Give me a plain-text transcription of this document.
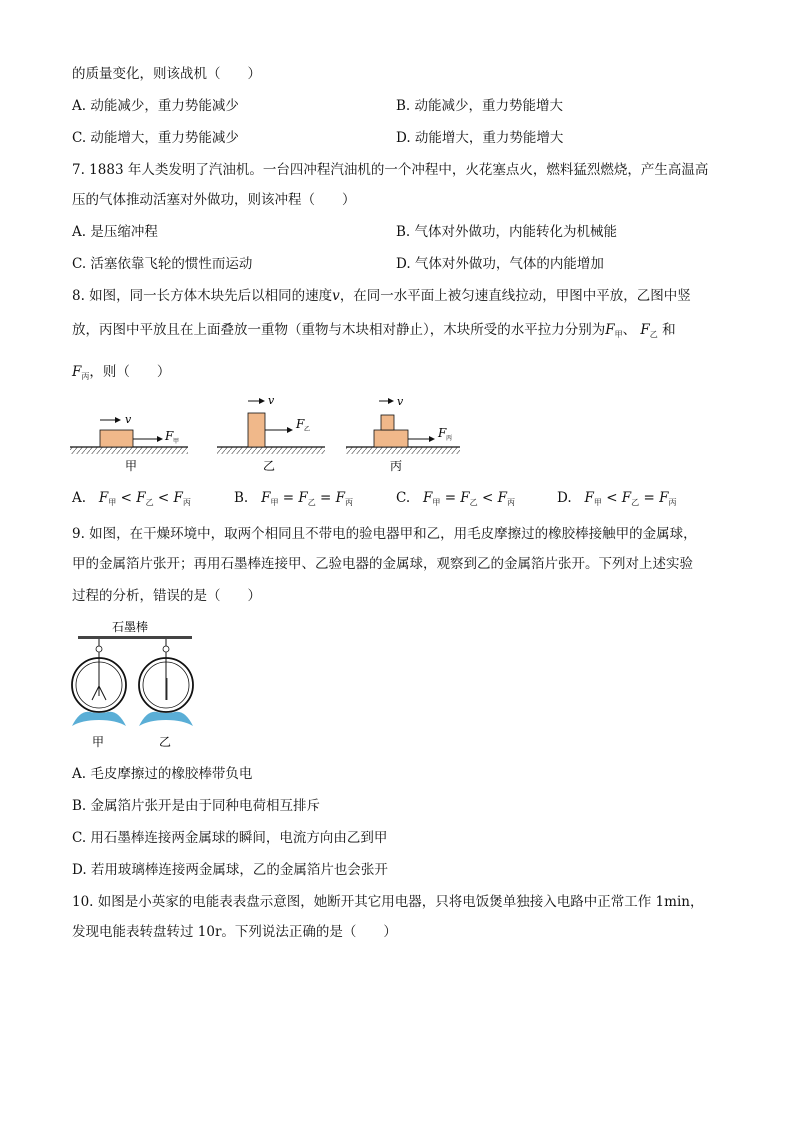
的质量变化，则该战机（　　）
A. 动能减少，重力势能减少	B. 动能减少，重力势能增大
C. 动能增大，重力势能减少	D. 动能增大，重力势能增大
7. 1883 年人类发明了汽油机。一台四冲程汽油机的一个冲程中，火花塞点火，燃料猛烈燃烧，产生高温高
压的气体推动活塞对外做功，则该冲程（　　）
A. 是压缩冲程	B. 气体对外做功，内能转化为机械能
C. 活塞依靠飞轮的惯性而运动	D. 气体对外做功，气体的内能增加
8. 如图，同一长方体木块先后以相同的速度v，在同一水平面上被匀速直线拉动，甲图中平放，乙图中竖
放，丙图中平放且在上面叠放一重物（重物与木块相对静止），木块所受的水平拉力分别为$F_甲$、 $F_乙$ 和
$F_丙$，则（　　）
v
F 甲
v
F 乙
v
F 丙
甲	乙	丙
A. $F_甲 < F_乙 < F_丙$	B. $F_甲 = F_乙 = F_丙$	C. $F_甲 = F_乙 < F_丙$	D. $F_甲 < F_乙 = F_丙$
9. 如图，在干燥环境中，取两个相同且不带电的验电器甲和乙，用毛皮摩擦过的橡胶棒接触甲的金属球，
甲的金属箔片张开；再用石墨棒连接甲、乙验电器的金属球，观察到乙的金属箔片张开。下列对上述实验
过程的分析，错误的是（　　）
石墨棒
甲	乙
A. 毛皮摩擦过的橡胶棒带负电
B. 金属箔片张开是由于同种电荷相互排斥
C. 用石墨棒连接两金属球的瞬间，电流方向由乙到甲
D. 若用玻璃棒连接两金属球，乙的金属箔片也会张开
10. 如图是小英家的电能表表盘示意图，她断开其它用电器，只将电饭煲单独接入电路中正常工作 1min，
发现电能表转盘转过 10r。下列说法正确的是（　　）
